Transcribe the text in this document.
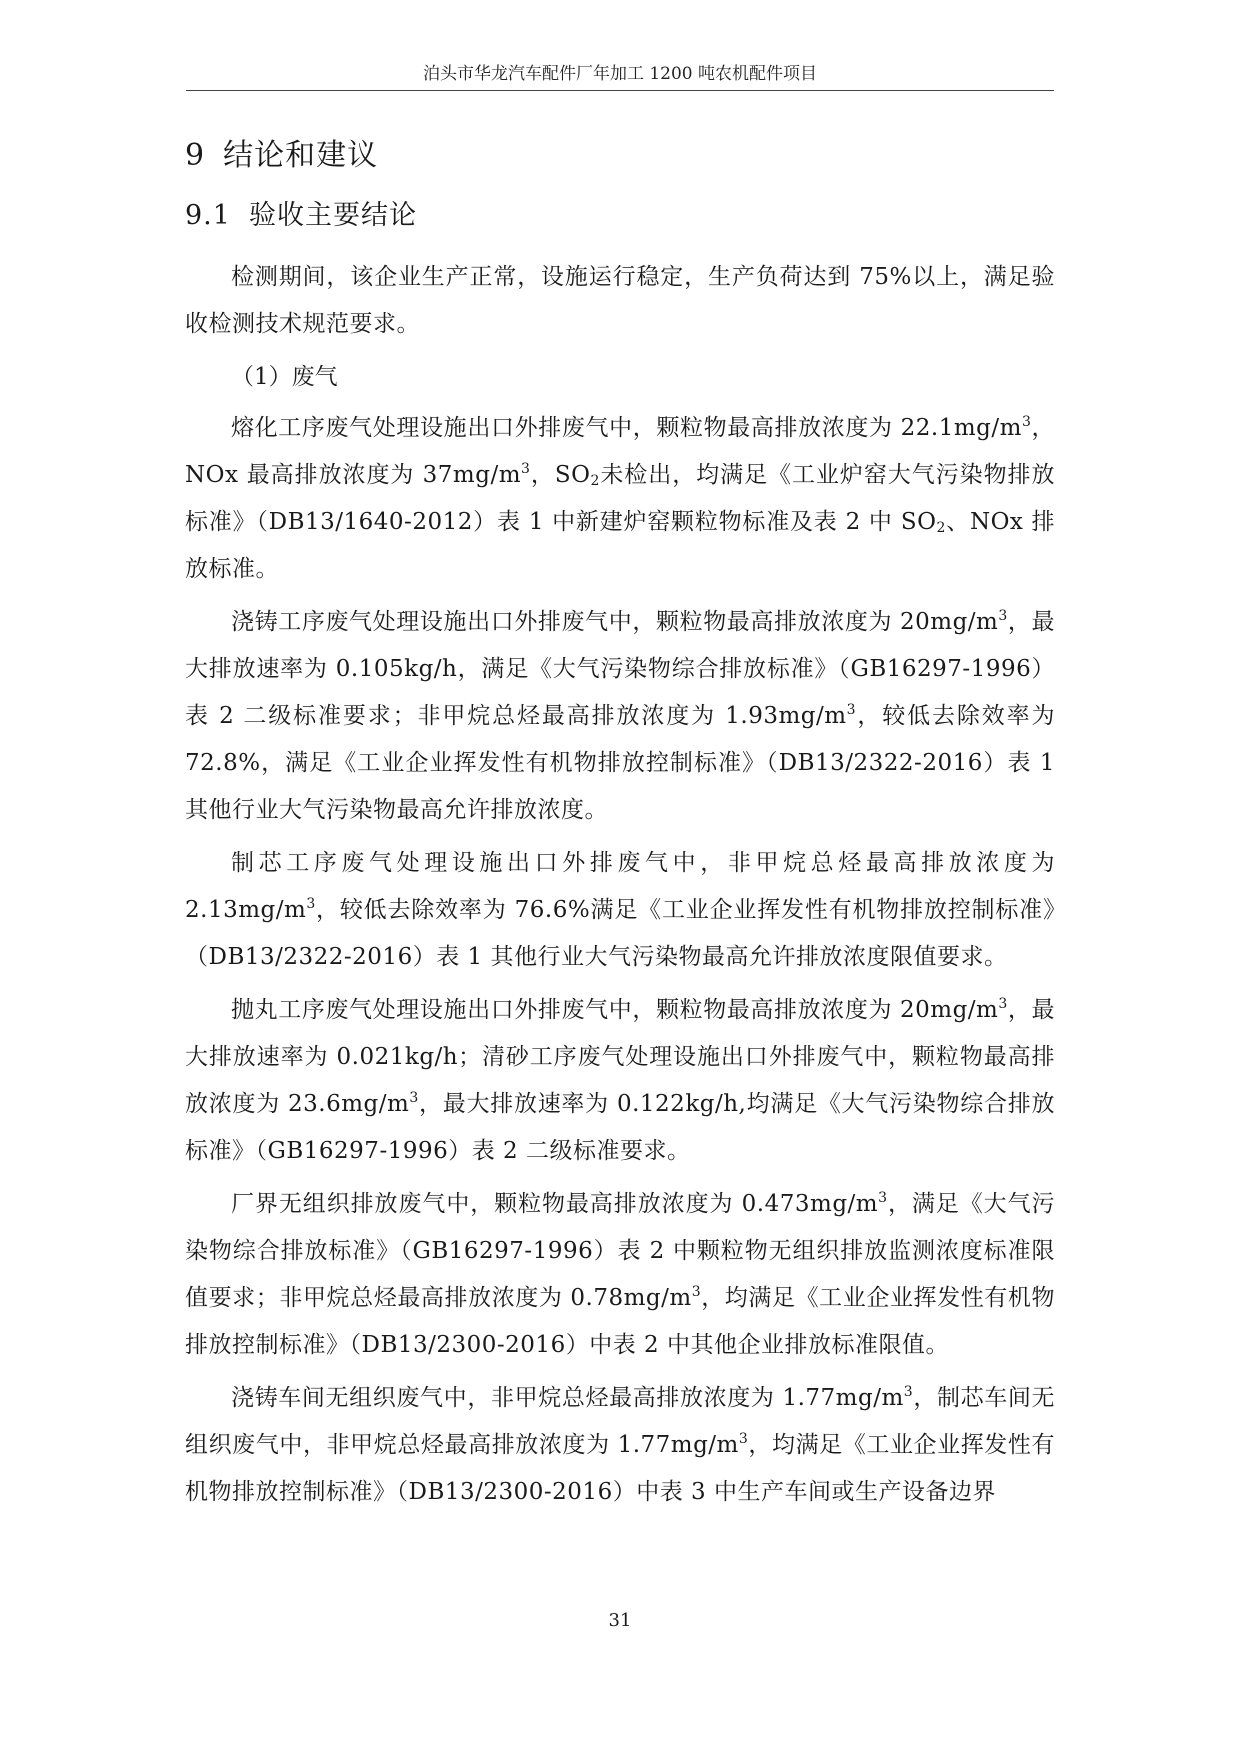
泊头市华龙汽车配件厂年加工 1200 吨农机配件项目
9 结论和建议
9.1 验收主要结论

检测期间，该企业生产正常，设施运行稳定，生产负荷达到 75%以上，满足验收检测技术规范要求。

（1）废气

熔化工序废气处理设施出口外排废气中，颗粒物最高排放浓度为 $22.1mg/m^3$，NOx 最高排放浓度为 $37mg/m^3$，$SO_2$未检出，均满足《工业炉窑大气污染物排放标准》（DB13/1640-2012）表 1 中新建炉窑颗粒物标准及表 2 中 $SO_2$、NOx 排放标准。

浇铸工序废气处理设施出口外排废气中，颗粒物最高排放浓度为 $20mg/m^3$，最大排放速率为 0.105kg/h，满足《大气污染物综合排放标准》（GB16297-1996）表 2 二级标准要求；非甲烷总烃最高排放浓度为 $1.93mg/m^3$，较低去除效率为 72.8%，满足《工业企业挥发性有机物排放控制标准》（DB13/2322-2016）表 1 其他行业大气污染物最高允许排放浓度。

制芯工序废气处理设施出口外排废气中，非甲烷总烃最高排放浓度为 $2.13mg/m^3$，较低去除效率为 76.6%满足《工业企业挥发性有机物排放控制标准》（DB13/2322-2016）表 1 其他行业大气污染物最高允许排放浓度限值要求。

抛丸工序废气处理设施出口外排废气中，颗粒物最高排放浓度为 $20mg/m^3$，最大排放速率为 0.021kg/h；清砂工序废气处理设施出口外排废气中，颗粒物最高排放浓度为 $23.6mg/m^3$，最大排放速率为 0.122kg/h,均满足《大气污染物综合排放标准》（GB16297-1996）表 2 二级标准要求。

厂界无组织排放废气中，颗粒物最高排放浓度为 $0.473mg/m^3$，满足《大气污染物综合排放标准》（GB16297-1996）表 2 中颗粒物无组织排放监测浓度标准限值要求；非甲烷总烃最高排放浓度为 $0.78mg/m^3$，均满足《工业企业挥发性有机物排放控制标准》（DB13/2300-2016）中表 2 中其他企业排放标准限值。

浇铸车间无组织废气中，非甲烷总烃最高排放浓度为 $1.77mg/m^3$，制芯车间无组织废气中，非甲烷总烃最高排放浓度为 $1.77mg/m^3$，均满足《工业企业挥发性有机物排放控制标准》（DB13/2300-2016）中表 3 中生产车间或生产设备边界

31
